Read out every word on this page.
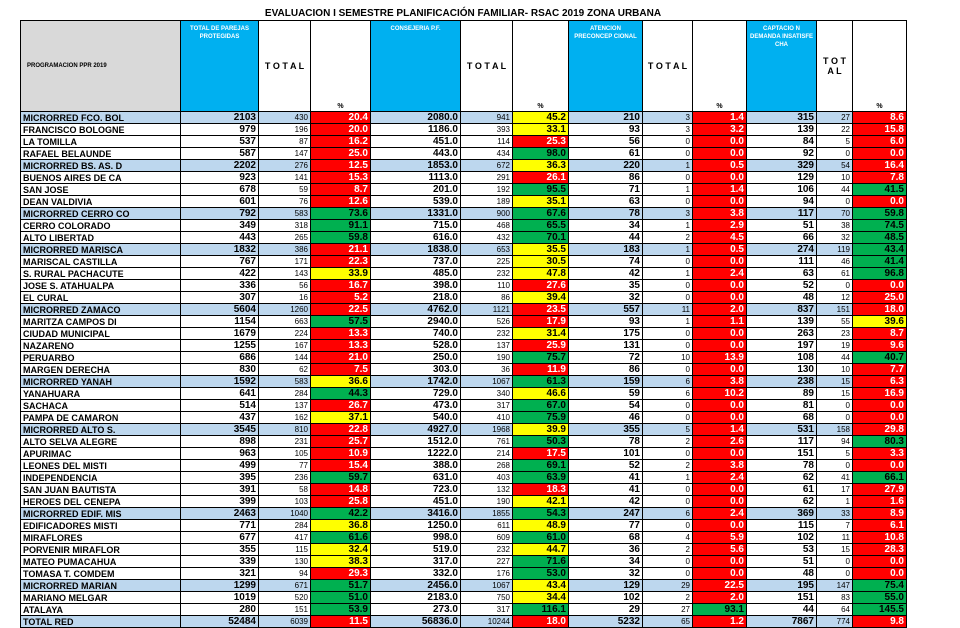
EVALUACION I SEMESTRE PLANIFICACIÓN FAMILIAR- RSAC 2019 ZONA URBANA
PROGRAMACION PPR 2019	TOTAL DE PAREJAS PROTEGIDAS	T O T A L	%	CONSEJERIA P.F.	T O T A L	%	ATENCION PRECONCEP CIONAL	T O T A L	%	CAPTACIO N DEMANDA INSATISFE CHA	T O T A L	%
MICRORRED FCO. BOL	2103	430	20.4	2080.0	941	45.2	210	3	1.4	315	27	8.6
FRANCISCO BOLOGNE	979	196	20.0	1186.0	393	33.1	93	3	3.2	139	22	15.8
LA TOMILLA	537	87	16.2	451.0	114	25.3	56	0	0.0	84	5	6.0
RAFAEL BELAUNDE	587	147	25.0	443.0	434	98.0	61	0	0.0	92	0	0.0
MICRORRED BS. AS. D	2202	276	12.5	1853.0	672	36.3	220	1	0.5	329	54	16.4
BUENOS AIRES DE CA	923	141	15.3	1113.0	291	26.1	86	0	0.0	129	10	7.8
SAN JOSE	678	59	8.7	201.0	192	95.5	71	1	1.4	106	44	41.5
DEAN VALDIVIA	601	76	12.6	539.0	189	35.1	63	0	0.0	94	0	0.0
MICRORRED CERRO CO	792	583	73.6	1331.0	900	67.6	78	3	3.8	117	70	59.8
CERRO COLORADO	349	318	91.1	715.0	468	65.5	34	1	2.9	51	38	74.5
ALTO LIBERTAD	443	265	59.8	616.0	432	70.1	44	2	4.5	66	32	48.5
MICRORRED MARISCA	1832	386	21.1	1838.0	653	35.5	183	1	0.5	274	119	43.4
MARISCAL CASTILLA	767	171	22.3	737.0	225	30.5	74	0	0.0	111	46	41.4
S. RURAL PACHACUTE	422	143	33.9	485.0	232	47.8	42	1	2.4	63	61	96.8
JOSE S. ATAHUALPA	336	56	16.7	398.0	110	27.6	35	0	0.0	52	0	0.0
EL CURAL	307	16	5.2	218.0	86	39.4	32	0	0.0	48	12	25.0
MICRORRED ZAMACO	5604	1260	22.5	4762.0	1121	23.5	557	11	2.0	837	151	18.0
MARITZA CAMPOS DI	1154	663	57.5	2940.0	526	17.9	93	1	1.1	139	55	39.6
CIUDAD MUNICIPAL	1679	224	13.3	740.0	232	31.4	175	0	0.0	263	23	8.7
NAZARENO	1255	167	13.3	528.0	137	25.9	131	0	0.0	197	19	9.6
PERUARBO	686	144	21.0	250.0	190	75.7	72	10	13.9	108	44	40.7
MARGEN DERECHA	830	62	7.5	303.0	36	11.9	86	0	0.0	130	10	7.7
MICRORRED YANAH	1592	583	36.6	1742.0	1067	61.3	159	6	3.8	238	15	6.3
YANAHUARA	641	284	44.3	729.0	340	46.6	59	6	10.2	89	15	16.9
SACHACA	514	137	26.7	473.0	317	67.0	54	0	0.0	81	0	0.0
PAMPA DE CAMARON	437	162	37.1	540.0	410	75.9	46	0	0.0	68	0	0.0
MICRORRED ALTO S.	3545	810	22.8	4927.0	1968	39.9	355	5	1.4	531	158	29.8
ALTO SELVA ALEGRE	898	231	25.7	1512.0	761	50.3	78	2	2.6	117	94	80.3
APURIMAC	963	105	10.9	1222.0	214	17.5	101	0	0.0	151	5	3.3
LEONES DEL MISTI	499	77	15.4	388.0	268	69.1	52	2	3.8	78	0	0.0
INDEPENDENCIA	395	236	59.7	631.0	403	63.9	41	1	2.4	62	41	66.1
SAN JUAN BAUTISTA	391	58	14.8	723.0	132	18.3	41	0	0.0	61	17	27.9
HEROES DEL CENEPA	399	103	25.8	451.0	190	42.1	42	0	0.0	62	1	1.6
MICRORRED EDIF. MIS	2463	1040	42.2	3416.0	1855	54.3	247	6	2.4	369	33	8.9
EDIFICADORES MISTI	771	284	36.8	1250.0	611	48.9	77	0	0.0	115	7	6.1
MIRAFLORES	677	417	61.6	998.0	609	61.0	68	4	5.9	102	11	10.8
PORVENIR MIRAFLOR	355	115	32.4	519.0	232	44.7	36	2	5.6	53	15	28.3
MATEO PUMACAHUA	339	130	38.3	317.0	227	71.6	34	0	0.0	51	0	0.0
TOMASA T. COMDEM	321	94	29.3	332.0	176	53.0	32	0	0.0	48	0	0.0
MICRORRED MARIAN	1299	671	51.7	2456.0	1067	43.4	129	29	22.5	195	147	75.4
MARIANO MELGAR	1019	520	51.0	2183.0	750	34.4	102	2	2.0	151	83	55.0
ATALAYA	280	151	53.9	273.0	317	116.1	29	27	93.1	44	64	145.5
TOTAL RED	52484	6039	11.5	56836.0	10244	18.0	5232	65	1.2	7867	774	9.8
